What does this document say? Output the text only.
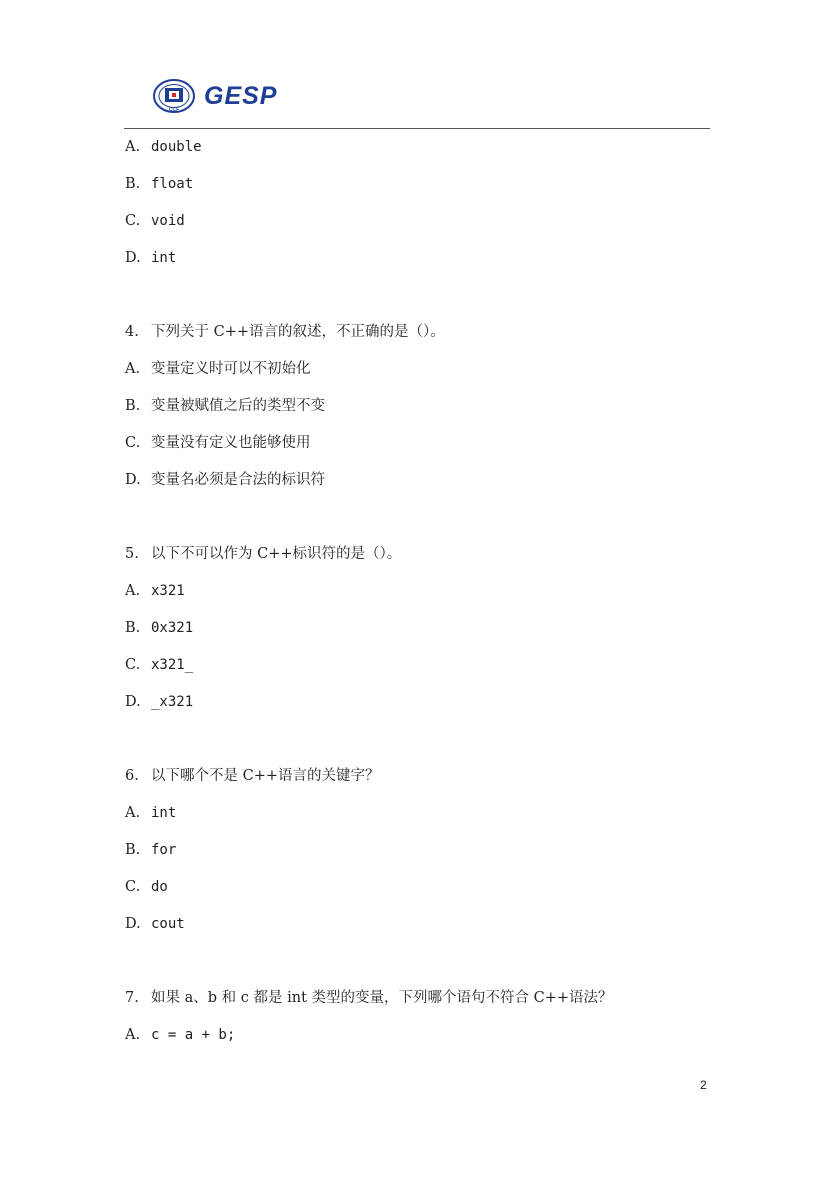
CCF
GESP
A. double
B. float
C. void
D. int
4. 下列关于 C++语言的叙述，不正确的是（）。
A. 变量定义时可以不初始化
B. 变量被赋值之后的类型不变
C. 变量没有定义也能够使用
D. 变量名必须是合法的标识符
5. 以下不可以作为 C++标识符的是（）。
A. x321
B. 0x321
C. x321_
D. _x321
6. 以下哪个不是 C++语言的关键字？
A. int
B. for
C. do
D. cout
7. 如果 a、b 和 c 都是 int 类型的变量，下列哪个语句不符合 C++语法？
A. c = a + b;
2
